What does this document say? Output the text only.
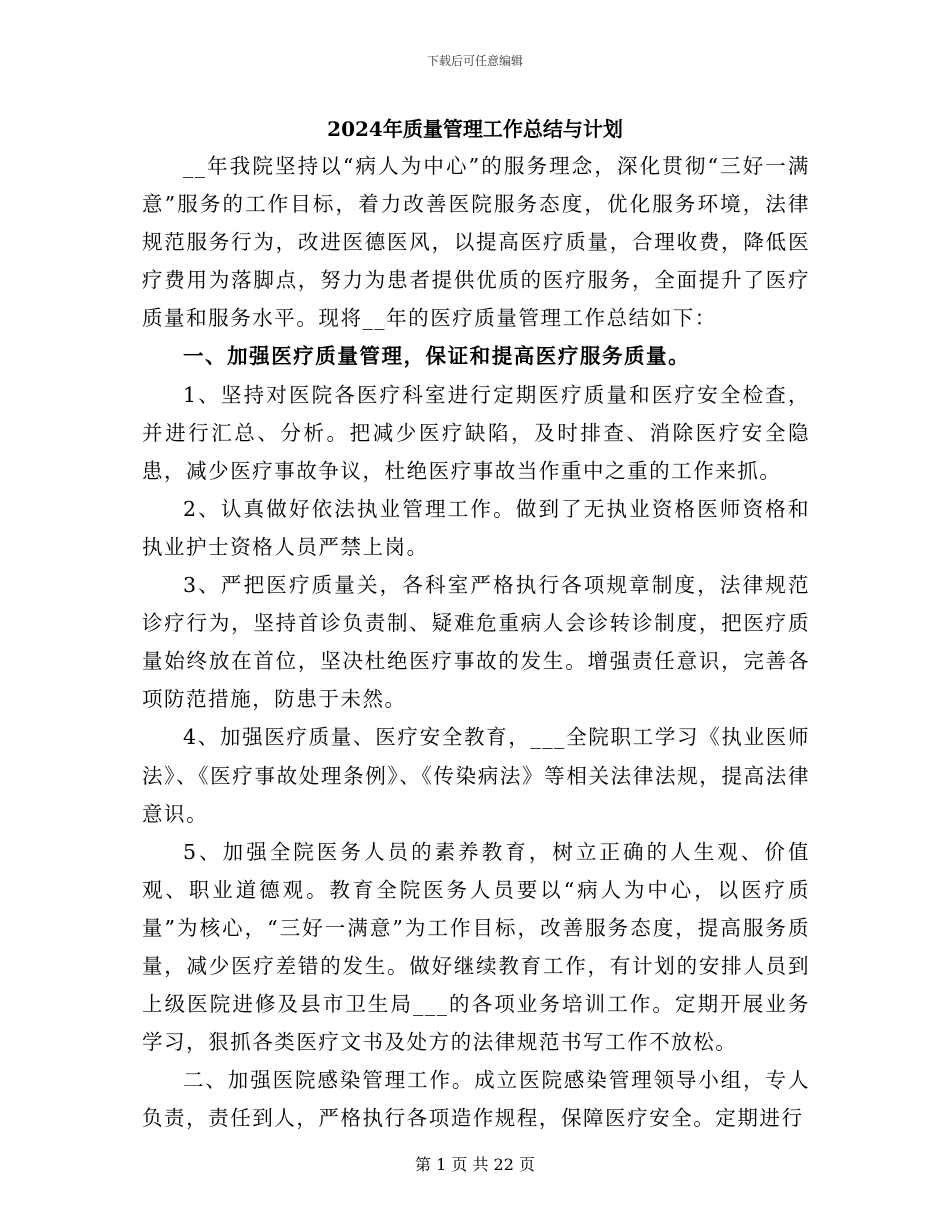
下载后可任意编辑
2024年质量管理工作总结与计划

__年我院坚持以“病人为中心”的服务理念，深化贯彻“三好一满意”服务的工作目标，着力改善医院服务态度，优化服务环境，法律规范服务行为，改进医德医风，以提高医疗质量，合理收费，降低医疗费用为落脚点，努力为患者提供优质的医疗服务，全面提升了医疗质量和服务水平。现将__年的医疗质量管理工作总结如下：

一、加强医疗质量管理，保证和提高医疗服务质量。

1、坚持对医院各医疗科室进行定期医疗质量和医疗安全检查，并进行汇总、分析。把减少医疗缺陷，及时排查、消除医疗安全隐患，减少医疗事故争议，杜绝医疗事故当作重中之重的工作来抓。

2、认真做好依法执业管理工作。做到了无执业资格医师资格和执业护士资格人员严禁上岗。

3、严把医疗质量关，各科室严格执行各项规章制度，法律规范诊疗行为，坚持首诊负责制、疑难危重病人会诊转诊制度，把医疗质量始终放在首位，坚决杜绝医疗事故的发生。增强责任意识，完善各项防范措施，防患于未然。

4、加强医疗质量、医疗安全教育，___全院职工学习《执业医师法》、《医疗事故处理条例》、《传染病法》等相关法律法规，提高法律意识。

5、加强全院医务人员的素养教育，树立正确的人生观、价值观、职业道德观。教育全院医务人员要以“病人为中心，以医疗质量”为核心，“三好一满意”为工作目标，改善服务态度，提高服务质量，减少医疗差错的发生。做好继续教育工作，有计划的安排人员到上级医院进修及县市卫生局___的各项业务培训工作。定期开展业务学习，狠抓各类医疗文书及处方的法律规范书写工作不放松。

二、加强医院感染管理工作。成立医院感染管理领导小组，专人负责，责任到人，严格执行各项造作规程，保障医疗安全。定期进行

第 1 页 共 22 页
